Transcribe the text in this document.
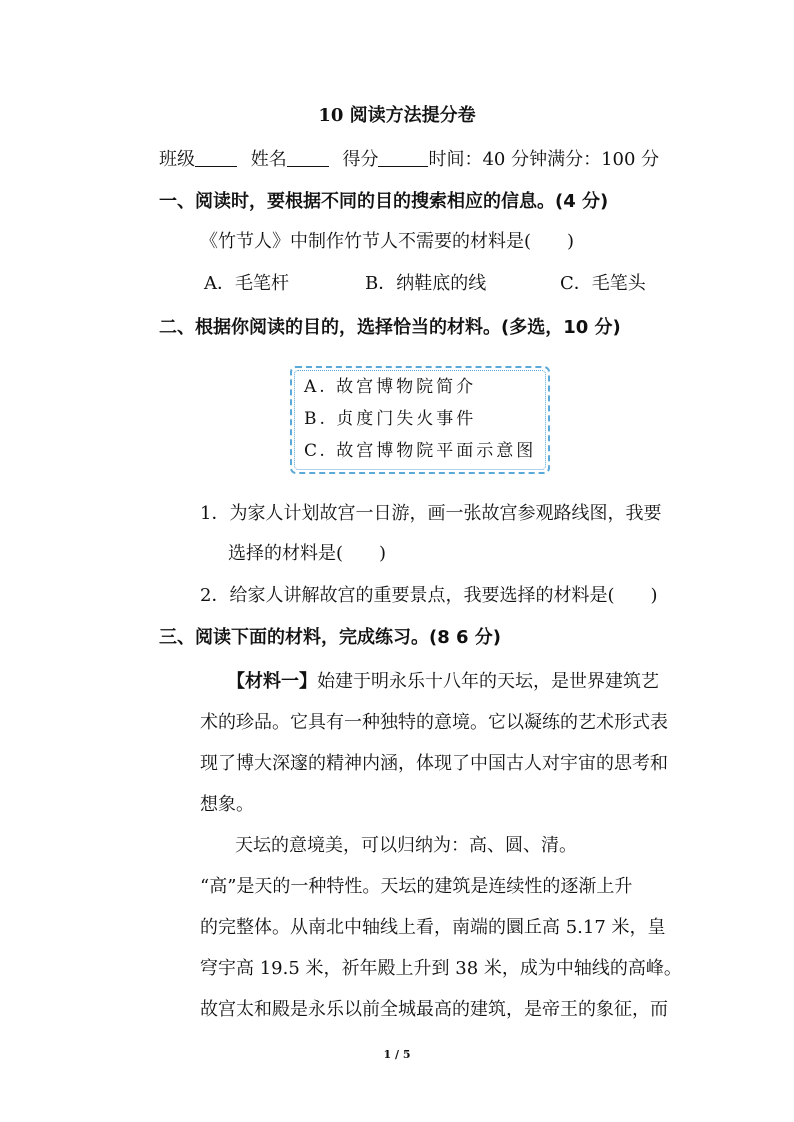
10 阅读方法提分卷
班级	姓名	得分	时间：40 分钟满分：100 分
一、阅读时，要根据不同的目的搜索相应的信息。(4 分)
《竹节人》中制作竹节人不需要的材料是(　　)
A．毛笔杆	B．纳鞋底的线	C．毛笔头
二、根据你阅读的目的，选择恰当的材料。(多选，10 分)
A. 故宫博物院简介
B. 贞度门失火事件
C. 故宫博物院平面示意图
1．为家人计划故宫一日游，画一张故宫参观路线图，我要
选择的材料是(　　)
2．给家人讲解故宫的重要景点，我要选择的材料是(　　)
三、阅读下面的材料，完成练习。(8 6 分)
【材料一】始建于明永乐十八年的天坛，是世界建筑艺
术的珍品。它具有一种独特的意境。它以凝练的艺术形式表
现了博大深邃的精神内涵，体现了中国古人对宇宙的思考和
想象。
天坛的意境美，可以归纳为：高、圆、清。
“高”是天的一种特性。天坛的建筑是连续性的逐渐上升
的完整体。从南北中轴线上看，南端的圜丘高 5.17 米，皇
穹宇高 19.5 米，祈年殿上升到 38 米，成为中轴线的高峰。
故宫太和殿是永乐以前全城最高的建筑，是帝王的象征，而
1 / 5
